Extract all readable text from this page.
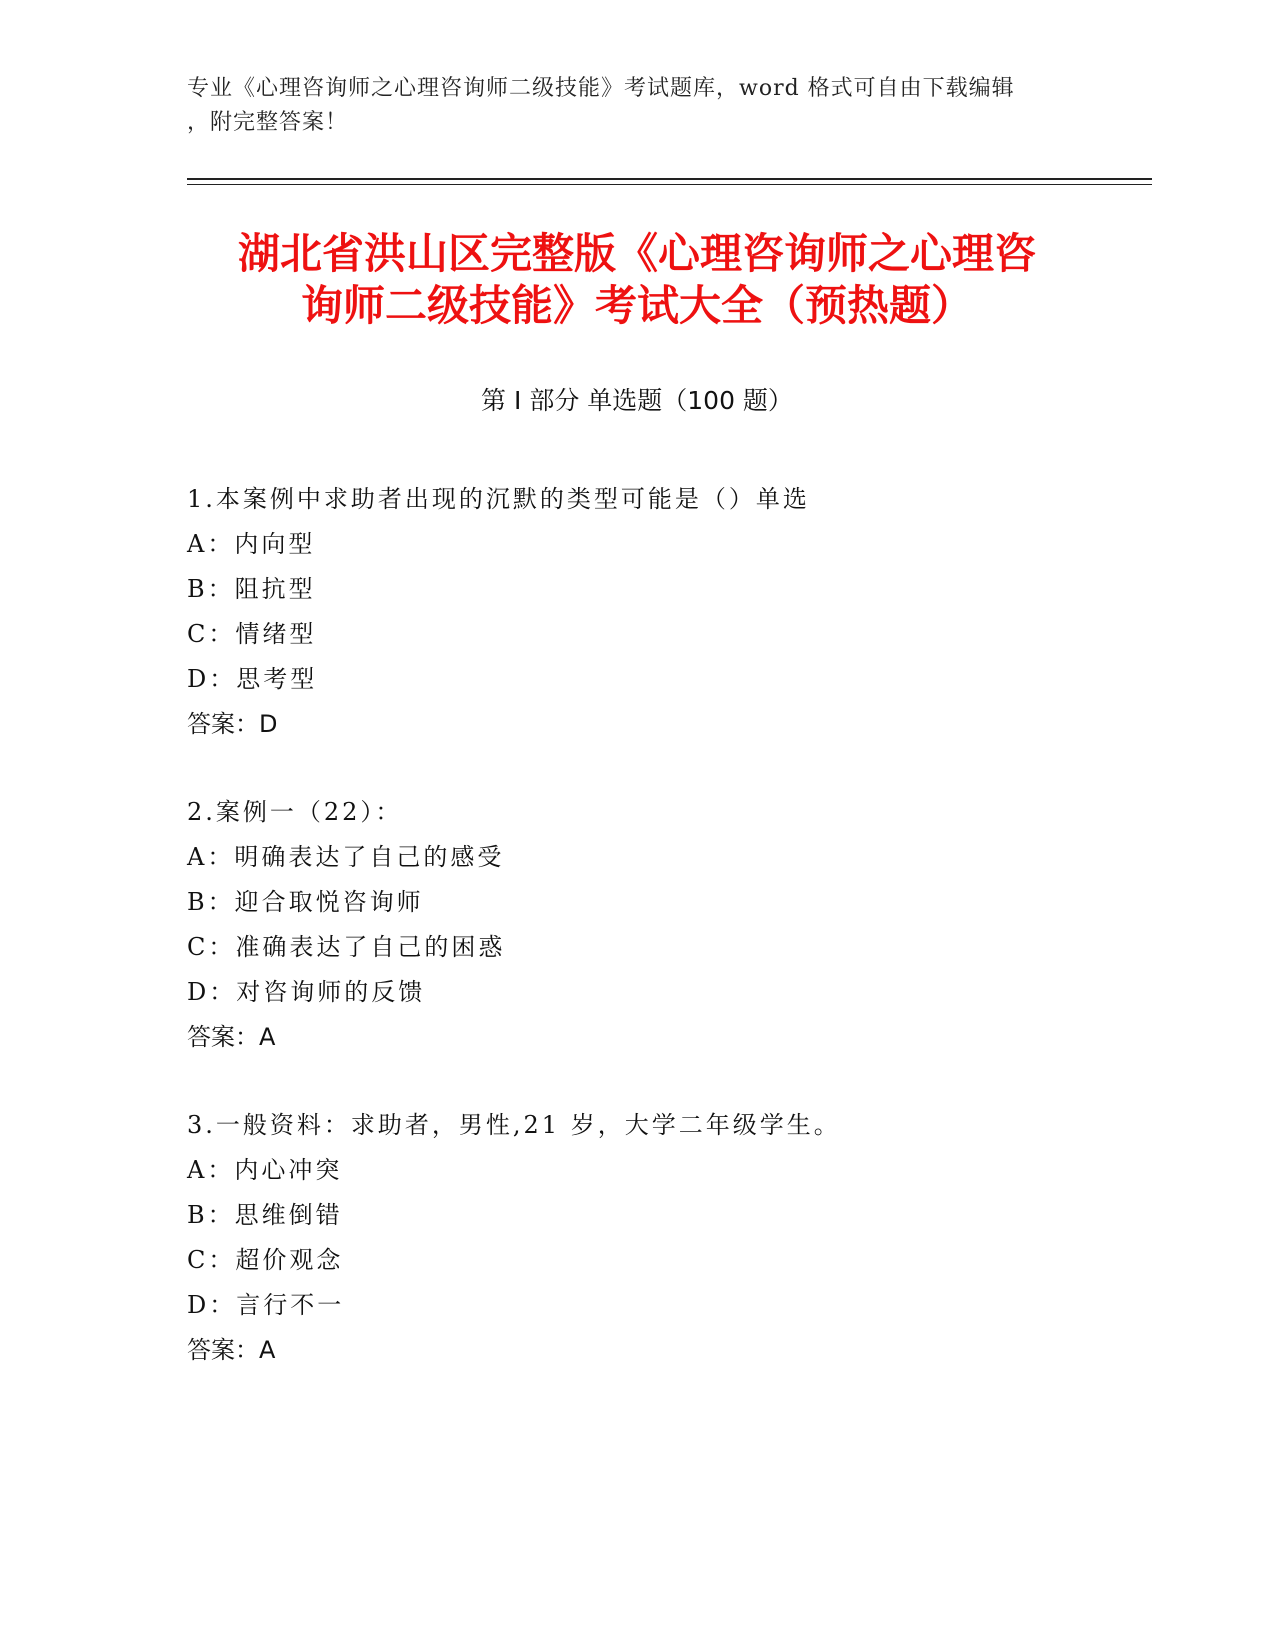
专业《心理咨询师之心理咨询师二级技能》考试题库，word 格式可自由下载编辑
，附完整答案！
湖北省洪山区完整版《心理咨询师之心理咨
询师二级技能》考试大全（预热题）
第 I 部分 单选题（100 题）
1.本案例中求助者出现的沉默的类型可能是（）单选
A：内向型
B：阻抗型
C：情绪型
D：思考型
答案：D
2.案例一（22）：
A：明确表达了自己的感受
B：迎合取悦咨询师
C：准确表达了自己的困惑
D：对咨询师的反馈
答案：A
3.一般资料：求助者，男性,21 岁，大学二年级学生。
A：内心冲突
B：思维倒错
C：超价观念
D：言行不一
答案：A
